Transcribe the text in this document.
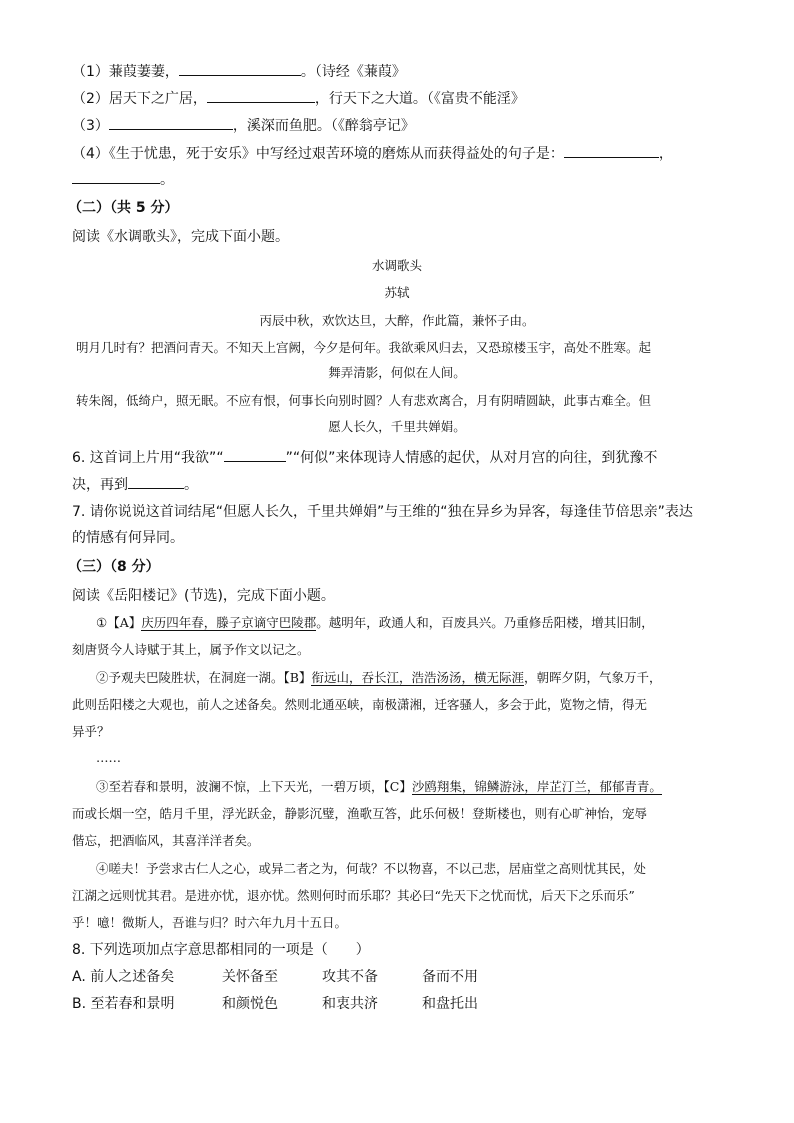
（1）蒹葭萋萋，	。（诗经《蒹葭》
（2）居天下之广居，	，行天下之大道。（《富贵不能淫》
（3）	，溪深而鱼肥。（《醉翁亭记》
（4）《生于忧患，死于安乐》中写经过艰苦环境的磨炼从而获得益处的句子是：	，
。
（二）（共 5 分）
阅读《水调歌头》，完成下面小题。
水调歌头
苏轼
丙辰中秋，欢饮达旦，大醉，作此篇，兼怀子由。
明月几时有？把酒问青天。不知天上宫阙，今夕是何年。我欲乘风归去，又恐琼楼玉宇，高处不胜寒。起
舞弄清影，何似在人间。
转朱阁，低绮户，照无眠。不应有恨，何事长向别时圆？人有悲欢离合，月有阴晴圆缺，此事古难全。但
愿人长久，千里共婵娟。
6. 这首词上片用“我欲”“	”“何似”来体现诗人情感的起伏，从对月宫的向往，到犹豫不
决，再到	。
7. 请你说说这首词结尾“但愿人长久，千里共婵娟”与王维的“独在异乡为异客，每逢佳节倍思亲”表达
的情感有何异同。
（三）（8 分）
阅读《岳阳楼记》(节选)，完成下面小题。
①【A】庆历四年春，滕子京谪守巴陵郡。越明年，政通人和，百废具兴。乃重修岳阳楼，增其旧制，
刻唐贤今人诗赋于其上，属予作文以记之。
②予观夫巴陵胜状，在洞庭一湖。【B】衔远山，吞长江，浩浩汤汤，横无际涯，朝晖夕阴，气象万千，
此则岳阳楼之大观也，前人之述备矣。然则北通巫峡，南极潇湘，迁客骚人，多会于此，览物之情，得无
异乎？
……
③至若春和景明，波澜不惊，上下天光，一碧万顷，【C】沙鸥翔集，锦鳞游泳，岸芷汀兰，郁郁青青。
而或长烟一空，皓月千里，浮光跃金，静影沉璧，渔歌互答，此乐何极！登斯楼也，则有心旷神怡，宠辱
偕忘，把酒临风，其喜洋洋者矣。
④嗟夫！予尝求古仁人之心，或异二者之为，何哉？不以物喜，不以己悲，居庙堂之高则忧其民，处
江湖之远则忧其君。是进亦忧，退亦忧。然则何时而乐耶？其必曰“先天下之忧而忧，后天下之乐而乐”
乎！噫！微斯人，吾谁与归？时六年九月十五日。
8. 下列选项加点字意思都相同的一项是（　　）
A. 前人之述备矣	关怀备至	攻其不备	备而不用
B. 至若春和景明	和颜悦色	和衷共济	和盘托出
